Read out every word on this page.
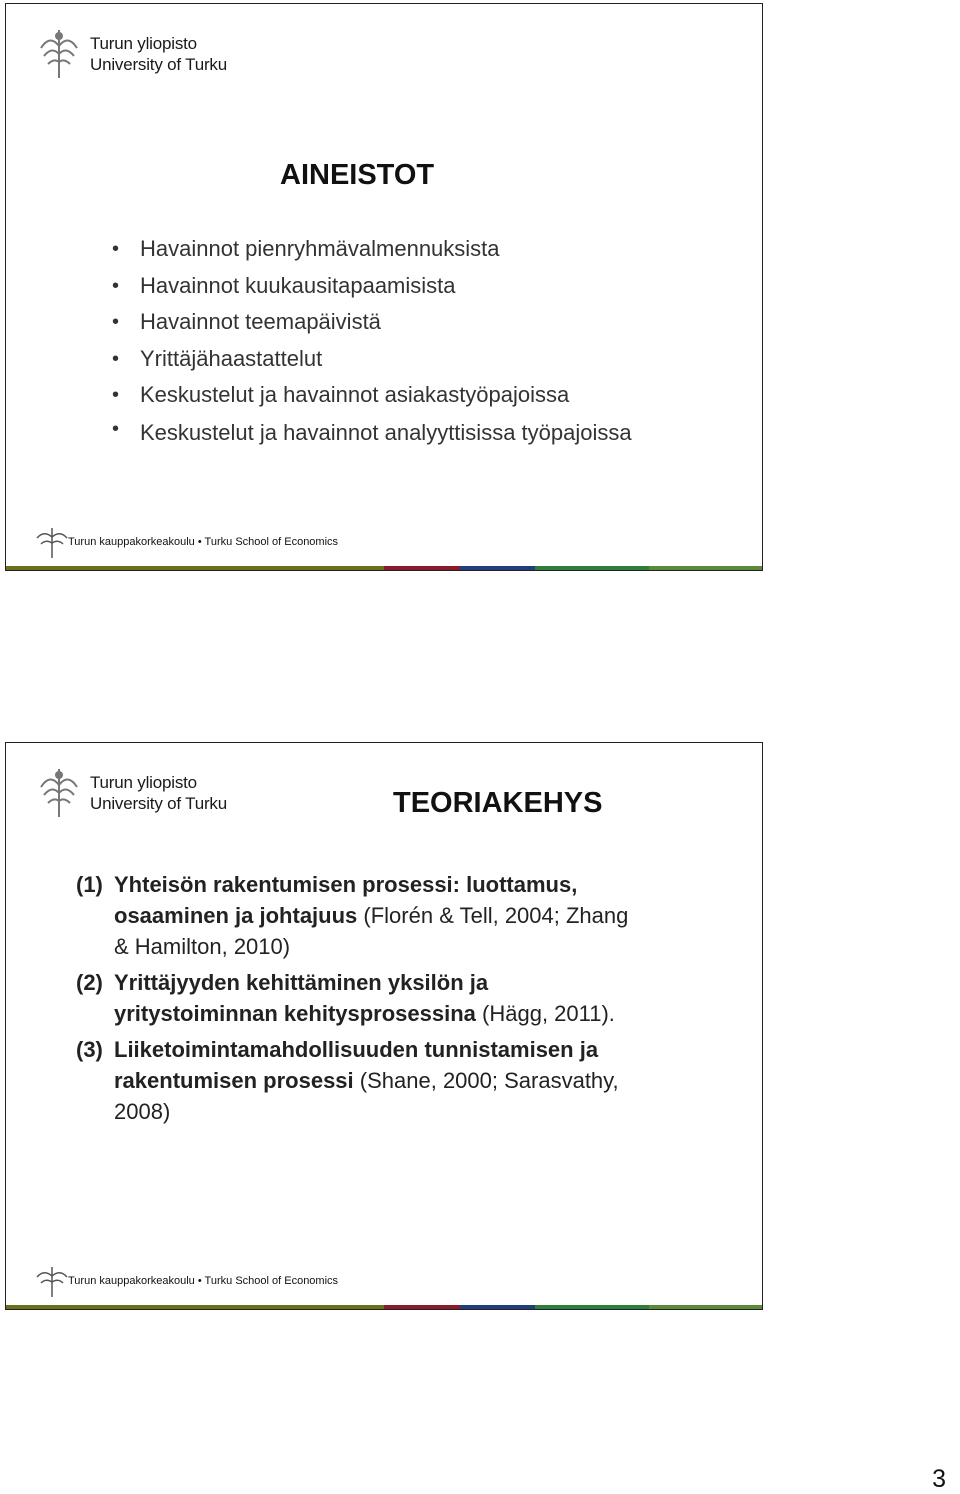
Turun yliopisto
University of Turku
AINEISTOT
• Havainnot pienryhmävalmennuksista
• Havainnot kuukausitapaamisista
• Havainnot teemapäivistä
• Yrittäjähaastattelut
• Keskustelut ja havainnot asiakastyöpajoissa
• Keskustelut ja havainnot analyyttisissa työpajoissa
Turun kauppakorkeakoulu • Turku School of Economics
Turun yliopisto
University of Turku	TEORIAKEHYS
(1) Yhteisön rakentumisen prosessi: luottamus, osaaminen ja johtajuus (Florén & Tell, 2004; Zhang & Hamilton, 2010)
(2) Yrittäjyyden kehittäminen yksilön ja yritystoiminnan kehitysprosessina (Hägg, 2011).
(3) Liiketoimintamahdollisuuden tunnistamisen ja rakentumisen prosessi (Shane, 2000; Sarasvathy, 2008)
Turun kauppakorkeakoulu • Turku School of Economics
3
